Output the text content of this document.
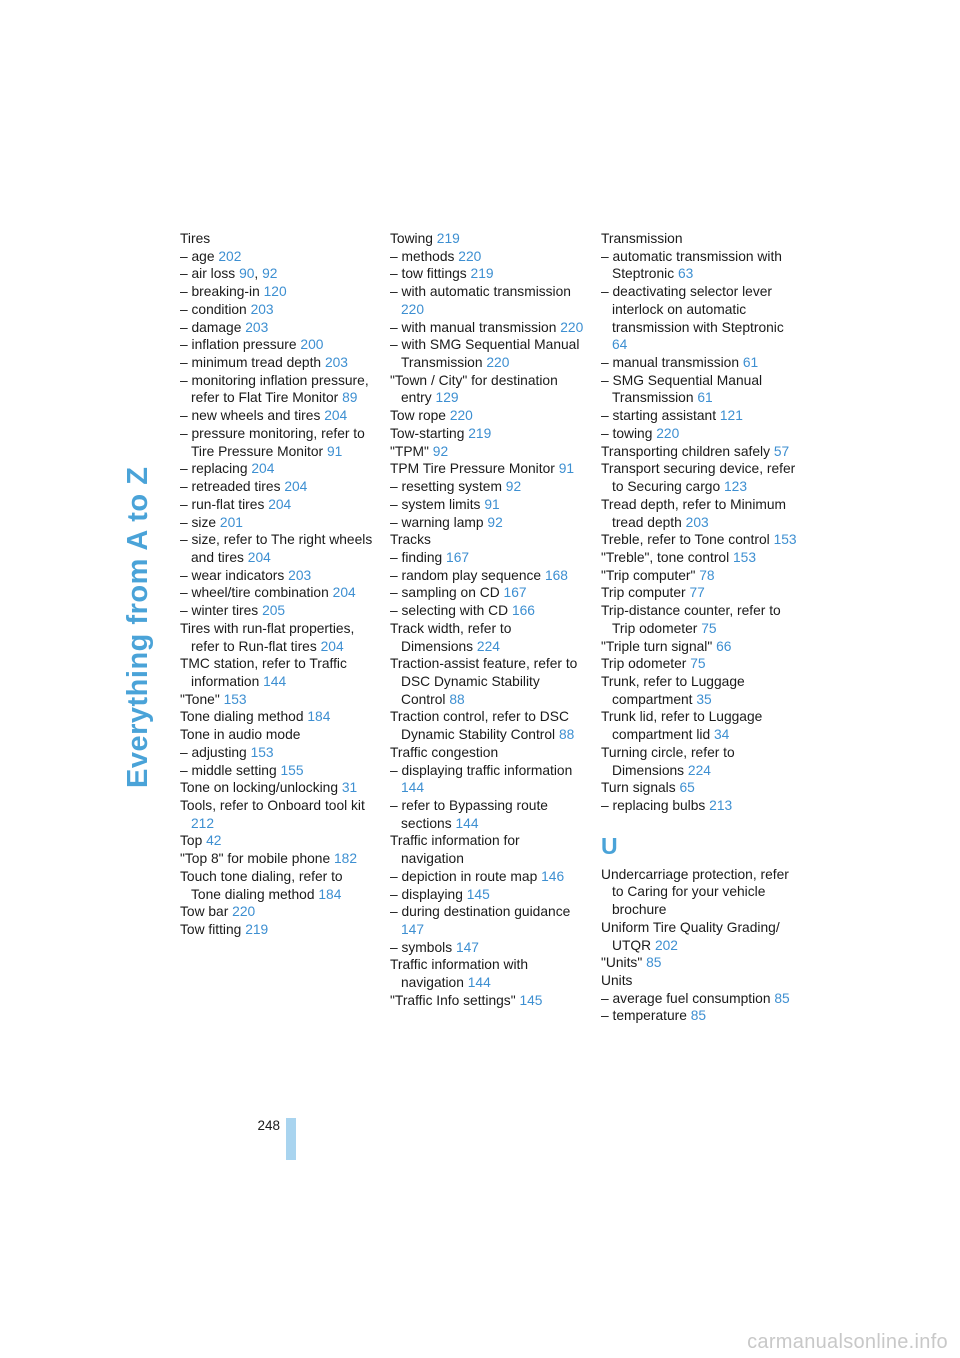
Everything from A to Z
Tires
– age 202
– air loss 90, 92
– breaking-in 120
– condition 203
– damage 203
– inflation pressure 200
– minimum tread depth 203
– monitoring inflation pressure, refer to Flat Tire Monitor 89
– new wheels and tires 204
– pressure monitoring, refer to Tire Pressure Monitor 91
– replacing 204
– retreaded tires 204
– run-flat tires 204
– size 201
– size, refer to The right wheels and tires 204
– wear indicators 203
– wheel/tire combination 204
– winter tires 205
Tires with run-flat properties, refer to Run-flat tires 204
TMC station, refer to Traffic information 144
"Tone" 153
Tone dialing method 184
Tone in audio mode
– adjusting 153
– middle setting 155
Tone on locking/unlocking 31
Tools, refer to Onboard tool kit 212
Top 42
"Top 8" for mobile phone 182
Touch tone dialing, refer to Tone dialing method 184
Tow bar 220
Tow fitting 219
Towing 219
– methods 220
– tow fittings 219
– with automatic transmission 220
– with manual transmission 220
– with SMG Sequential Manual Transmission 220
"Town / City" for destination entry 129
Tow rope 220
Tow-starting 219
"TPM" 92
TPM Tire Pressure Monitor 91
– resetting system 92
– system limits 91
– warning lamp 92
Tracks
– finding 167
– random play sequence 168
– sampling on CD 167
– selecting with CD 166
Track width, refer to Dimensions 224
Traction-assist feature, refer to DSC Dynamic Stability Control 88
Traction control, refer to DSC Dynamic Stability Control 88
Traffic congestion
– displaying traffic information 144
– refer to Bypassing route sections 144
Traffic information for navigation
– depiction in route map 146
– displaying 145
– during destination guidance 147
– symbols 147
Traffic information with navigation 144
"Traffic Info settings" 145
Transmission
– automatic transmission with Steptronic 63
– deactivating selector lever interlock on automatic transmission with Steptronic 64
– manual transmission 61
– SMG Sequential Manual Transmission 61
– starting assistant 121
– towing 220
Transporting children safely 57
Transport securing device, refer to Securing cargo 123
Tread depth, refer to Minimum tread depth 203
Treble, refer to Tone control 153
"Treble", tone control 153
"Trip computer" 78
Trip computer 77
Trip-distance counter, refer to Trip odometer 75
"Triple turn signal" 66
Trip odometer 75
Trunk, refer to Luggage compartment 35
Trunk lid, refer to Luggage compartment lid 34
Turning circle, refer to Dimensions 224
Turn signals 65
– replacing bulbs 213
U
Undercarriage protection, refer to Caring for your vehicle brochure
Uniform Tire Quality Grading/ UTQR 202
"Units" 85
Units
– average fuel consumption 85
– temperature 85
248
carmanualsonline.info
